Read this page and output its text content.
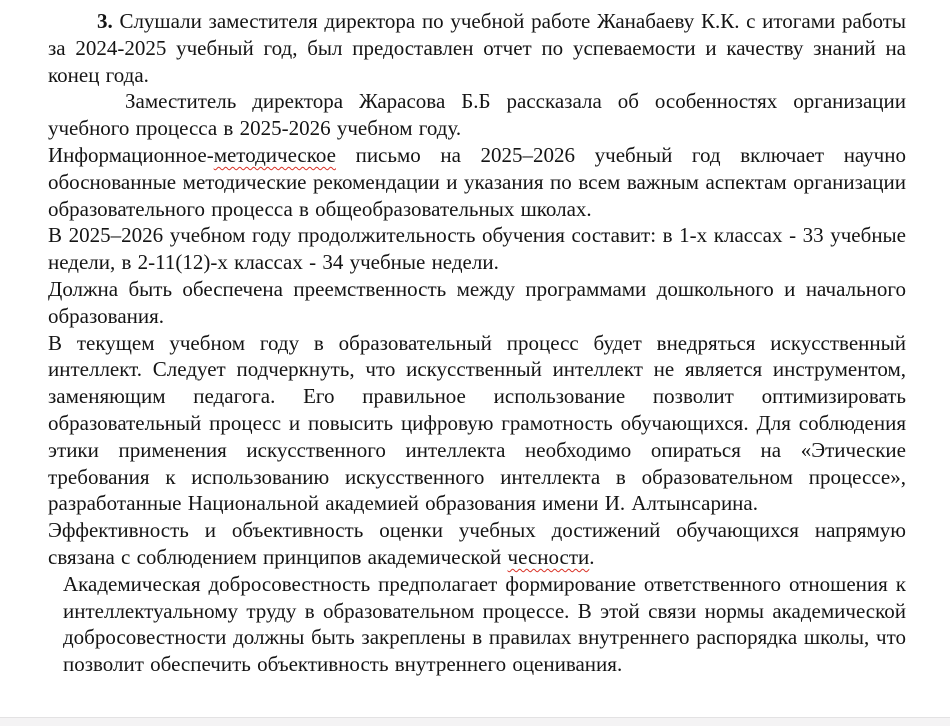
3. Слушали заместителя директора по учебной работе Жанабаеву К.К. с итогами работы за 2024-2025 учебный год, был предоставлен отчет по успеваемости и качеству знаний на конец года.

Заместитель директора Жарасова Б.Б рассказала об особенностях организации учебного процесса в 2025-2026 учебном году.

Информационное-методическое письмо на 2025–2026 учебный год включает научно обоснованные методические рекомендации и указания по всем важным аспектам организации образовательного процесса в общеобразовательных школах.

В 2025–2026 учебном году продолжительность обучения составит: в 1-х классах - 33 учебные недели, в 2-11(12)-х классах - 34 учебные недели.

Должна быть обеспечена преемственность между программами дошкольного и начального образования.

В текущем учебном году в образовательный процесс будет внедряться искусственный интеллект. Следует подчеркнуть, что искусственный интеллект не является инструментом, заменяющим педагога. Его правильное использование позволит оптимизировать образовательный процесс и повысить цифровую грамотность обучающихся. Для соблюдения этики применения искусственного интеллекта необходимо опираться на «Этические требования к использованию искусственного интеллекта в образовательном процессе», разработанные Национальной академией образования имени И. Алтынсарина.

Эффективность и объективность оценки учебных достижений обучающихся напрямую связана с соблюдением принципов академической чесности.

Академическая добросовестность предполагает формирование ответственного отношения к интеллектуальному труду в образовательном процессе. В этой связи нормы академической добросовестности должны быть закреплены в правилах внутреннего распорядка школы, что позволит обеспечить объективность внутреннего оценивания.
